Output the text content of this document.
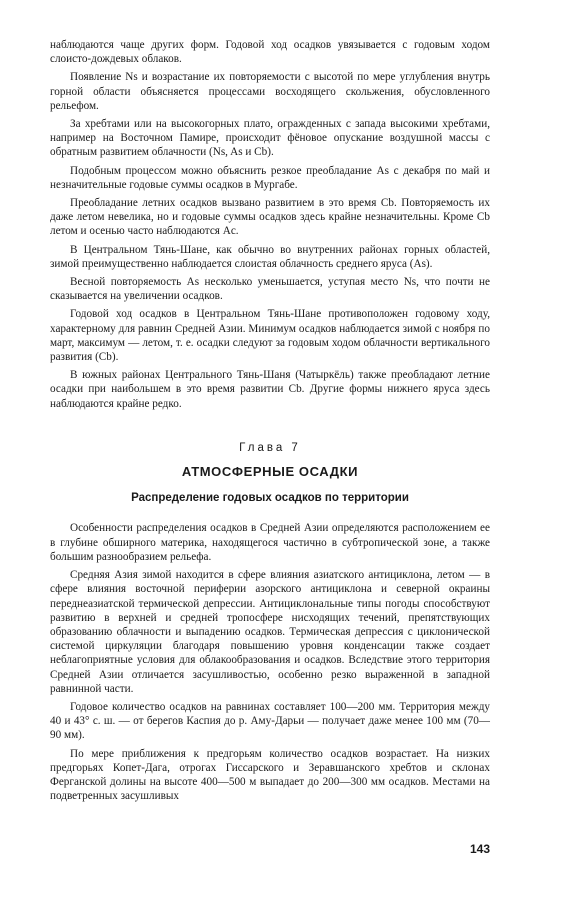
наблюдаются чаще других форм. Годовой ход осадков увязывается с годовым ходом слоисто-дождевых облаков.

Появление Ns и возрастание их повторяемости с высотой по мере углубления внутрь горной области объясняется процессами восходящего скольжения, обусловленного рельефом.

За хребтами или на высокогорных плато, огражденных с запада высокими хребтами, например на Восточном Памире, происходит фёновое опускание воздушной массы с обратным развитием облачности (Ns, As и Cb).

Подобным процессом можно объяснить резкое преобладание As с декабря по май и незначительные годовые суммы осадков в Мургабе.

Преобладание летних осадков вызвано развитием в это время Cb. Повторяемость их даже летом невелика, но и годовые суммы осадков здесь крайне незначительны. Кроме Cb летом и осенью часто наблюдаются Ac.

В Центральном Тянь-Шане, как обычно во внутренних районах горных областей, зимой преимущественно наблюдается слоистая облачность среднего яруса (As).

Весной повторяемость As несколько уменьшается, уступая место Ns, что почти не сказывается на увеличении осадков.

Годовой ход осадков в Центральном Тянь-Шане противоположен годовому ходу, характерному для равнин Средней Азии. Минимум осадков наблюдается зимой с ноября по март, максимум — летом, т. е. осадки следуют за годовым ходом облачности вертикального развития (Cb).

В южных районах Центрального Тянь-Шаня (Чатыркёль) также преобладают летние осадки при наибольшем в это время развитии Cb. Другие формы нижнего яруса здесь наблюдаются крайне редко.

Глава 7
АТМОСФЕРНЫЕ ОСАДКИ
Распределение годовых осадков по территории

Особенности распределения осадков в Средней Азии определяются расположением ее в глубине обширного материка, находящегося частично в субтропической зоне, а также большим разнообразием рельефа.

Средняя Азия зимой находится в сфере влияния азиатского антициклона, летом — в сфере влияния восточной периферии азорского антициклона и северной окраины переднеазиатской термической депрессии. Антициклональные типы погоды способствуют развитию в верхней и средней тропосфере нисходящих течений, препятствующих образованию облачности и выпадению осадков. Термическая депрессия с циклонической системой циркуляции благодаря повышению уровня конденсации также создает неблагоприятные условия для облакообразования и осадков. Вследствие этого территория Средней Азии отличается засушливостью, особенно резко выраженной в западной равнинной части.

Годовое количество осадков на равнинах составляет 100—200 мм. Территория между 40 и 43° с. ш. — от берегов Каспия до р. Аму-Дарьи — получает даже менее 100 мм (70—90 мм).

По мере приближения к предгорьям количество осадков возрастает. На низких предгорьях Копет-Дага, отрогах Гиссарского и Зеравшанского хребтов и склонах Ферганской долины на высоте 400—500 м выпадает до 200—300 мм осадков. Местами на подветренных засушливых

143
